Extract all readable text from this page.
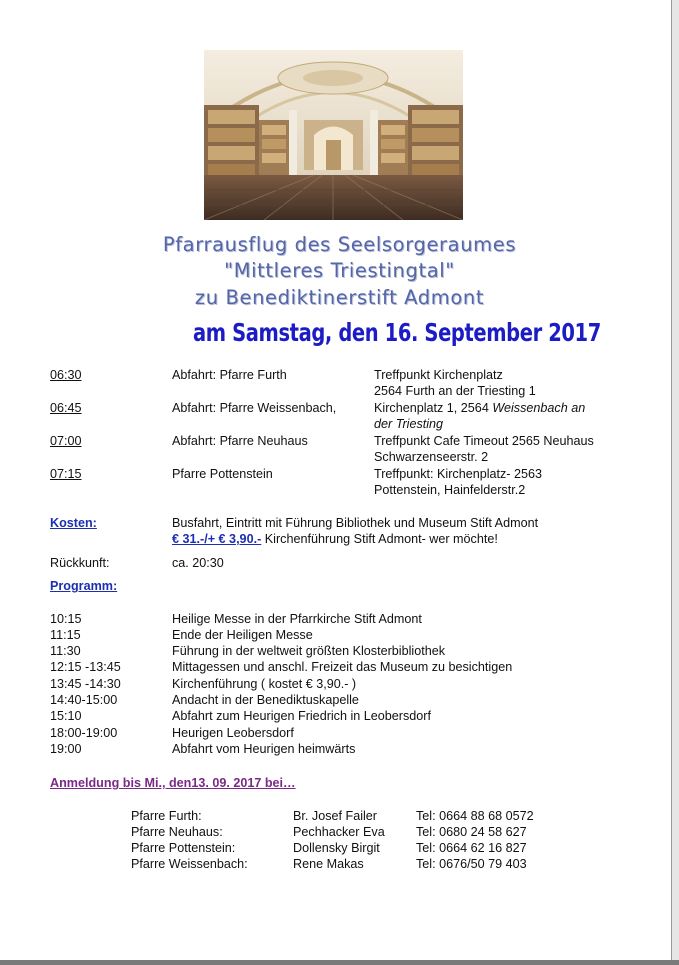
Pfarrausflug des Seelsorgeraumes
"Mittleres Triestingtal"
zu Benediktinerstift Admont
am Samstag, den 16. September 2017
06:30	Abfahrt: Pfarre Furth	Treffpunkt Kirchenplatz
2564 Furth an der Triesting 1
06:45	Abfahrt: Pfarre Weissenbach,	Kirchenplatz 1, 2564 Weissenbach an
der Triesting
07:00	Abfahrt: Pfarre Neuhaus	Treffpunkt Cafe Timeout 2565 Neuhaus
Schwarzenseerstr. 2
07:15	Pfarre Pottenstein	Treffpunkt: Kirchenplatz- 2563
Pottenstein, Hainfelderstr.2
Kosten:	Busfahrt, Eintritt mit Führung Bibliothek und Museum Stift Admont
€ 31.-/+ € 3,90.- Kirchenführung Stift Admont- wer möchte!
Rückkunft:	ca. 20:30
Programm:
10:15	Heilige Messe in der Pfarrkirche Stift Admont
11:15	Ende der Heiligen Messe
11:30	Führung in der weltweit größten Klosterbibliothek
12:15 -13:45	Mittagessen und anschl. Freizeit das Museum zu besichtigen
13:45 -14:30	Kirchenführung ( kostet € 3,90.- )
14:40-15:00	Andacht in der Benediktuskapelle
15:10	Abfahrt zum Heurigen Friedrich in Leobersdorf
18:00-19:00	Heurigen Leobersdorf
19:00	Abfahrt vom Heurigen heimwärts
Anmeldung bis Mi., den13. 09. 2017 bei…
Pfarre Furth:	Br. Josef Failer	Tel: 0664 88 68 0572
Pfarre Neuhaus:	Pechhacker Eva Tel: 0680 24 58 627
Pfarre Pottenstein:	Dollensky Birgit	Tel: 0664 62 16 827
Pfarre Weissenbach:	Rene Makas	Tel: 0676/50 79 403
